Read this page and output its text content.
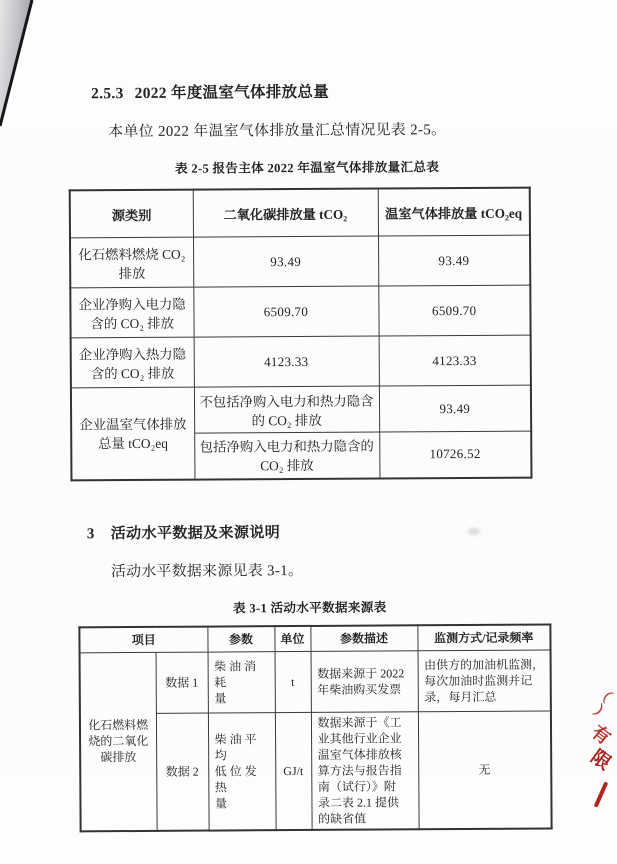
2.5.3 2022 年度温室气体排放总量
本单位 2022 年温室气体排放量汇总情况见表 2-5。
表 2-5 报告主体 2022 年温室气体排放量汇总表
源类别	二氧化碳排放量 tCO₂	温室气体排放量 tCO₂eq
化石燃料燃烧 CO₂
排放	93.49	93.49
企业净购入电力隐
含的 CO₂ 排放	6509.70	6509.70
企业净购入热力隐
含的 CO₂ 排放	4123.33	4123.33
企业温室气体排放
总量 tCO₂eq	不包括净购入电力和热力隐含
的 CO₂ 排放	93.49
	包括净购入电力和热力隐含的
CO₂ 排放	10726.52
3 活动水平数据及来源说明
活动水平数据来源见表 3-1。
表 3-1 活动水平数据来源表
项目		参数	单位	参数描述	监测方式/记录频率
化石燃料燃
烧的二氧化
碳排放	数据 1	柴 油 消 耗
量	t	数据来源于 2022
年柴油购买发票	由供方的加油机监测，
每次加油时监测并记
录，每月汇总
数据 2	柴 油 平 均
低 位 发 热
量	GJ/t	数据来源于《工
业其他行业企业
温室气体排放核
算方法与报告指
南（试行）》附
录二表 2.1 提供
的缺省值	无
（
）
有
限
